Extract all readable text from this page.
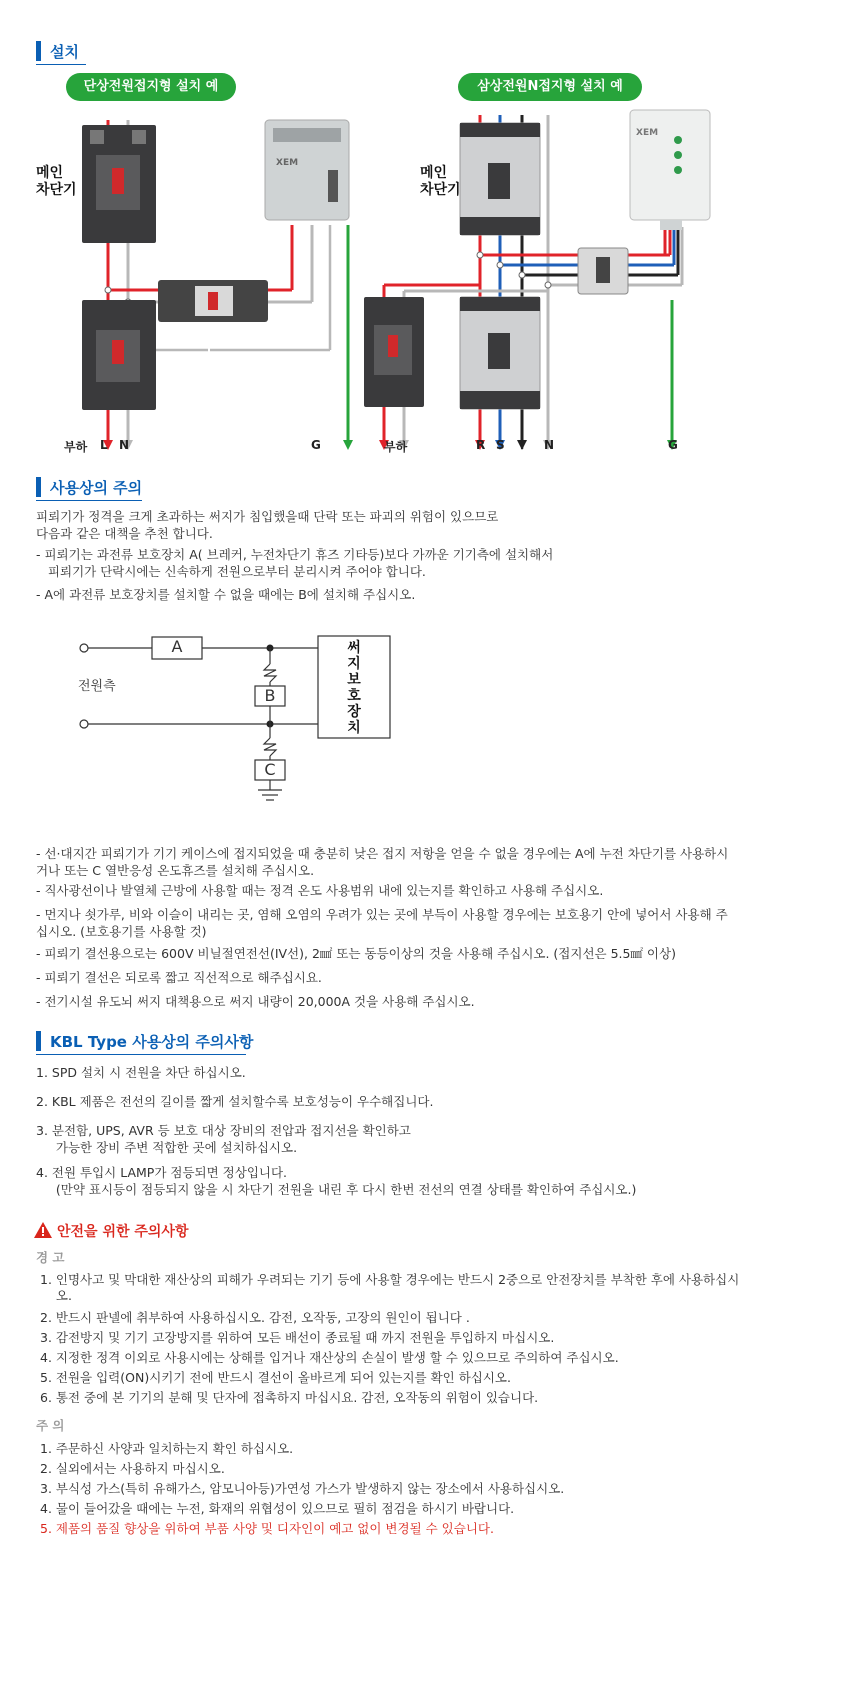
설치
단상전원접지형 설치 예	삼상전원N접지형 설치 예
XEM
메인
차단기
부하 L N	G
XEM
메인
차단기
부하	R S T N	G
사용상의 주의
피뢰기가 정격을 크게 초과하는 써지가 침입했을때 단락 또는 파괴의 위험이 있으므로
다음과 같은 대책을 추천 합니다.
- 피뢰기는 과전류 보호장치 A( 브레커, 누전차단기 휴즈 기타등)보다 가까운 기기측에 설치해서
피뢰기가 단락시에는 신속하게 전원으로부터 분리시켜 주어야 합니다.
- A에 과전류 보호장치를 설치할 수 없을 때에는 B에 설치해 주십시오.
A
B
C
전원측
써
지
보
호
장
치
- 선·대지간 피뢰기가 기기 케이스에 접지되었을 때 충분히 낮은 접지 저항을 얻을 수 없을 경우에는 A에 누전 차단기를 사용하시
거나 또는 C 열반응성 온도휴즈를 설치해 주십시오.
- 직사광선이나 발열체 근방에 사용할 때는 정격 온도 사용범위 내에 있는지를 확인하고 사용해 주십시오.
- 먼지나 쇳가루, 비와 이슬이 내리는 곳, 염해 오염의 우려가 있는 곳에 부득이 사용할 경우에는 보호용기 안에 넣어서 사용해 주
십시오. (보호용기를 사용할 것)
- 피뢰기 결선용으로는 600V 비닐절연전선(IV선), 2㎟ 또는 동등이상의 것을 사용해 주십시오. (접지선은 5.5㎟ 이상)
- 피뢰기 결선은 되로록 짧고 직선적으로 해주십시요.
- 전기시설 유도뇌 써지 대책용으로 써지 내량이 20,000A 것을 사용해 주십시오.
KBL Type 사용상의 주의사항
1. SPD 설치 시 전원을 차단 하십시오.
2. KBL 제품은 전선의 길이를 짧게 설치할수록 보호성능이 우수해집니다.
3. 분전함, UPS, AVR 등 보호 대상 장비의 전압과 접지선을 확인하고
가능한 장비 주변 적합한 곳에 설치하십시오.
4. 전원 투입시 LAMP가 점등되면 정상입니다.
(만약 표시등이 점등되지 않을 시 차단기 전원을 내린 후 다시 한번 전선의 연결 상태를 확인하여 주십시오.)
안전을 위한 주의사항
경 고
1. 인명사고 및 막대한 재산상의 피해가 우려되는 기기 등에 사용할 경우에는 반드시 2중으로 안전장치를 부착한 후에 사용하십시
오.
2. 반드시 판넬에 취부하여 사용하십시오. 감전, 오작동, 고장의 원인이 됩니다 .
3. 감전방지 및 기기 고장방지를 위하여 모든 배선이 종료될 때 까지 전원을 투입하지 마십시오.
4. 지정한 정격 이외로 사용시에는 상해를 입거나 재산상의 손실이 발생 할 수 있으므로 주의하여 주십시오.
5. 전원을 입력(ON)시키기 전에 반드시 결선이 올바르게 되어 있는지를 확인 하십시오.
6. 통전 중에 본 기기의 분해 및 단자에 접촉하지 마십시요. 감전, 오작동의 위험이 있습니다.
주 의
1. 주문하신 사양과 일치하는지 확인 하십시오.
2. 실외에서는 사용하지 마십시오.
3. 부식성 가스(특히 유해가스, 암모니아등)가연성 가스가 발생하지 않는 장소에서 사용하십시오.
4. 물이 들어갔을 때에는 누전, 화재의 위협성이 있으므로 필히 점검을 하시기 바랍니다.
5. 제품의 품질 향상을 위하여 부품 사양 및 디자인이 예고 없이 변경될 수 있습니다.
